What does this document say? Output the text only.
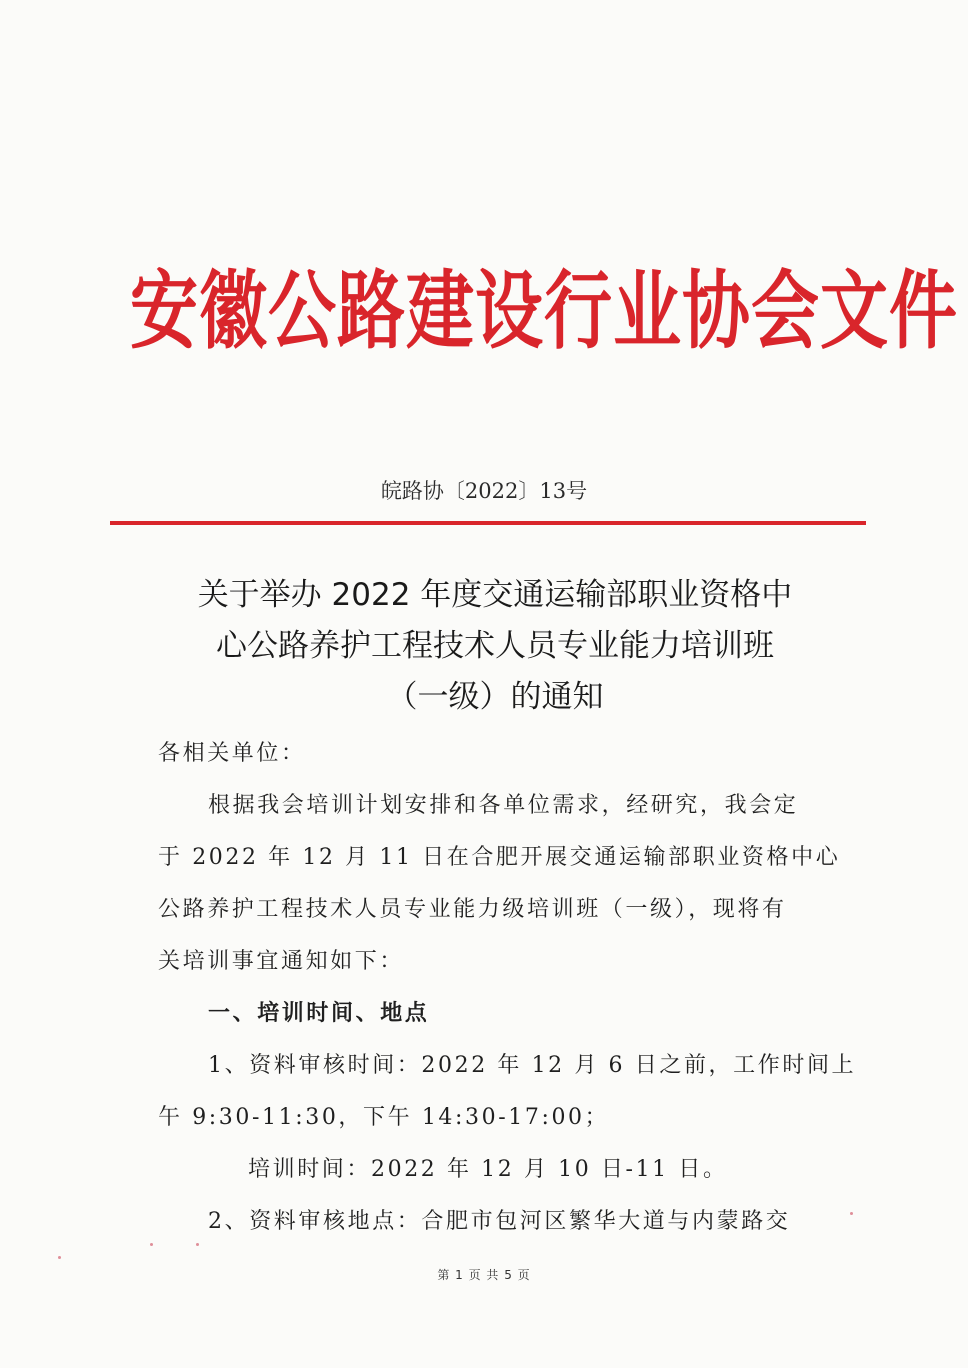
安徽公路建设行业协会文件
皖路协〔2022〕13号
关于举办 2022 年度交通运输部职业资格中
心公路养护工程技术人员专业能力培训班
（一级）的通知

各相关单位：

根据我会培训计划安排和各单位需求，经研究，我会定

于 2022 年 12 月 11 日在合肥开展交通运输部职业资格中心

公路养护工程技术人员专业能力级培训班（一级），现将有

关培训事宜通知如下：

一、培训时间、地点

1、资料审核时间：2022 年 12 月 6 日之前，工作时间上

午 9:30-11:30，下午 14:30-17:00；

培训时间：2022 年 12 月 10 日-11 日。

2、资料审核地点：合肥市包河区繁华大道与内蒙路交

第 1 页 共 5 页
